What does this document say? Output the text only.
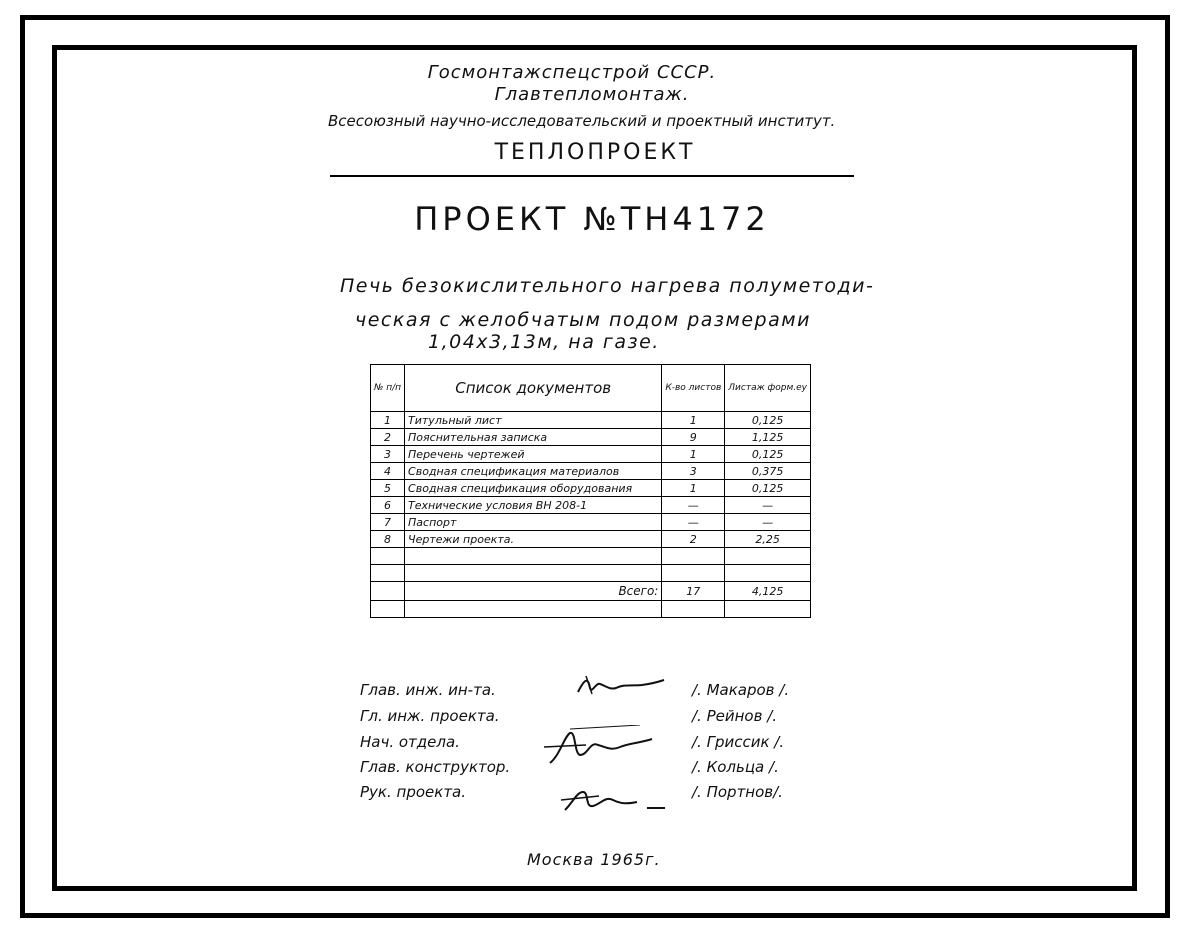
Госмонтажспецстрой СССР.
Главтепломонтаж.
Всесоюзный научно-исследовательский и проектный институт.
ТЕПЛОПРОЕКТ
ПРОЕКТ №ТН4172
Печь безокислительного нагрева полуметоди-
ческая с желобчатым подом размерами
1,04х3,13м, на газе.
№ п/п	Список документов	К-во листов	Листаж форм.еу
1	Титульный лист	1	0,125
2	Пояснительная записка	9	1,125
3	Перечень чертежей	1	0,125
4	Сводная спецификация материалов	3	0,375
5	Сводная спецификация оборудования	1	0,125
6	Технические условия ВН 208-1	—	—
7	Паспорт	—	—
8	Чертежи проекта.	2	2,25

	Всего:	17	4,125

Глав. инж. ин-та.	/. Макаров /.
Гл. инж. проекта.	/. Рейнов /.
Нач. отдела.	/. Гриссик /.
Глав. конструктор.	/. Кольца /.
Рук. проекта.	/. Портнов/.
Москва 1965г.
